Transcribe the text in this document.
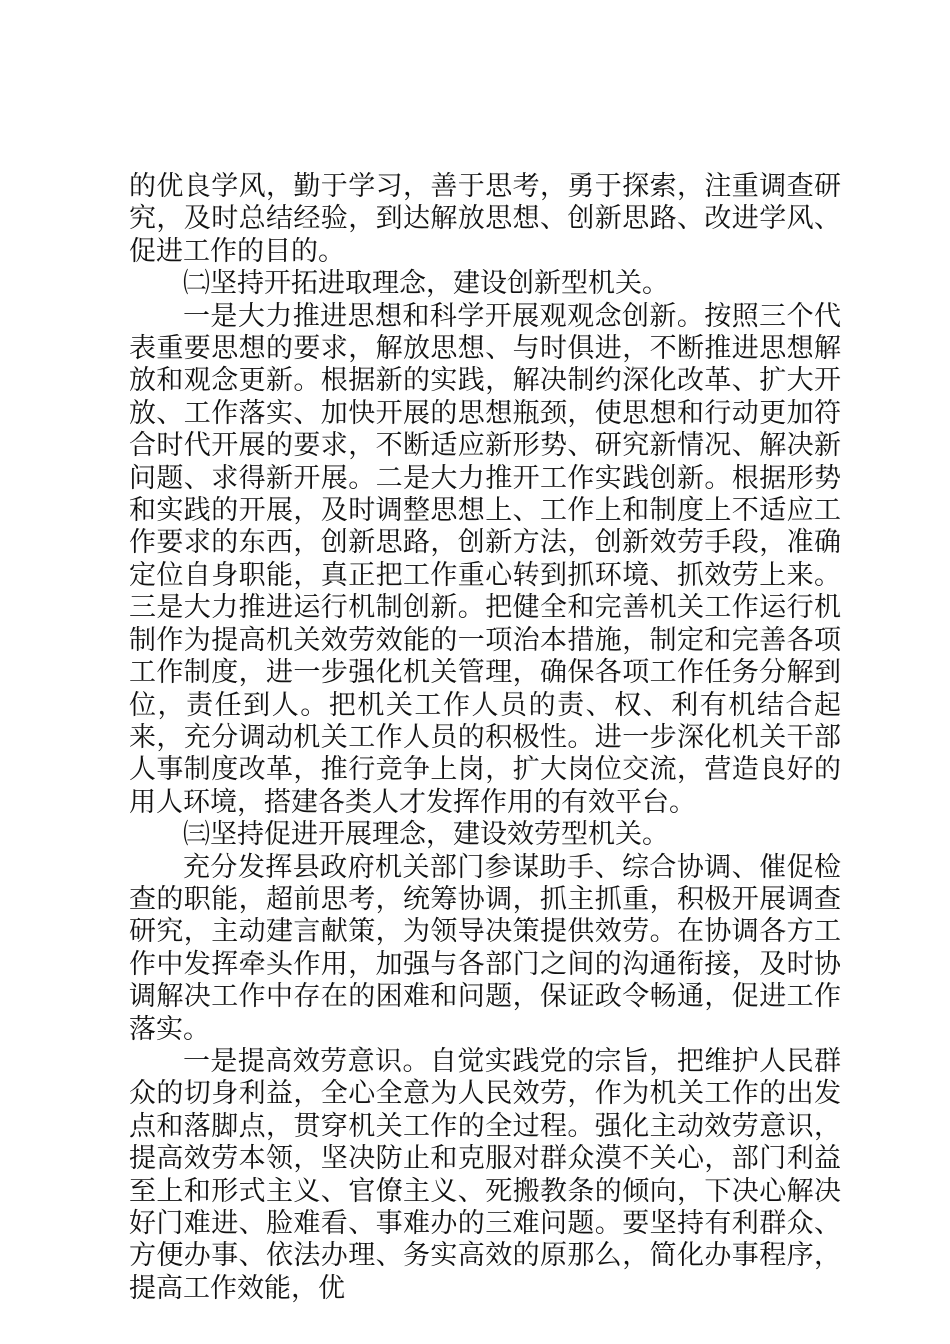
的优良学风，勤于学习，善于思考，勇于探索，注重调查研究，及时总结经验，到达解放思想、创新思路、改进学风、促进工作的目的。

㈡坚持开拓进取理念，建设创新型机关。

一是大力推进思想和科学开展观观念创新。按照三个代表重要思想的要求，解放思想、与时俱进，不断推进思想解放和观念更新。根据新的实践，解决制约深化改革、扩大开放、工作落实、加快开展的思想瓶颈，使思想和行动更加符合时代开展的要求，不断适应新形势、研究新情况、解决新问题、求得新开展。二是大力推开工作实践创新。根据形势和实践的开展，及时调整思想上、工作上和制度上不适应工作要求的东西，创新思路，创新方法，创新效劳手段，准确定位自身职能，真正把工作重心转到抓环境、抓效劳上来。三是大力推进运行机制创新。把健全和完善机关工作运行机制作为提高机关效劳效能的一项治本措施，制定和完善各项工作制度，进一步强化机关管理，确保各项工作任务分解到位，责任到人。把机关工作人员的责、权、利有机结合起来，充分调动机关工作人员的积极性。进一步深化机关干部人事制度改革，推行竞争上岗，扩大岗位交流，营造良好的用人环境，搭建各类人才发挥作用的有效平台。

㈢坚持促进开展理念，建设效劳型机关。

充分发挥县政府机关部门参谋助手、综合协调、催促检查的职能，超前思考，统筹协调，抓主抓重，积极开展调查研究，主动建言献策，为领导决策提供效劳。在协调各方工作中发挥牵头作用，加强与各部门之间的沟通衔接，及时协调解决工作中存在的困难和问题，保证政令畅通，促进工作落实。

一是提高效劳意识。自觉实践党的宗旨，把维护人民群众的切身利益，全心全意为人民效劳，作为机关工作的出发点和落脚点，贯穿机关工作的全过程。强化主动效劳意识，提高效劳本领，坚决防止和克服对群众漠不关心，部门利益至上和形式主义、官僚主义、死搬教条的倾向，下决心解决好门难进、脸难看、事难办的三难问题。要坚持有利群众、方便办事、依法办理、务实高效的原那么，简化办事程序，提高工作效能，优
